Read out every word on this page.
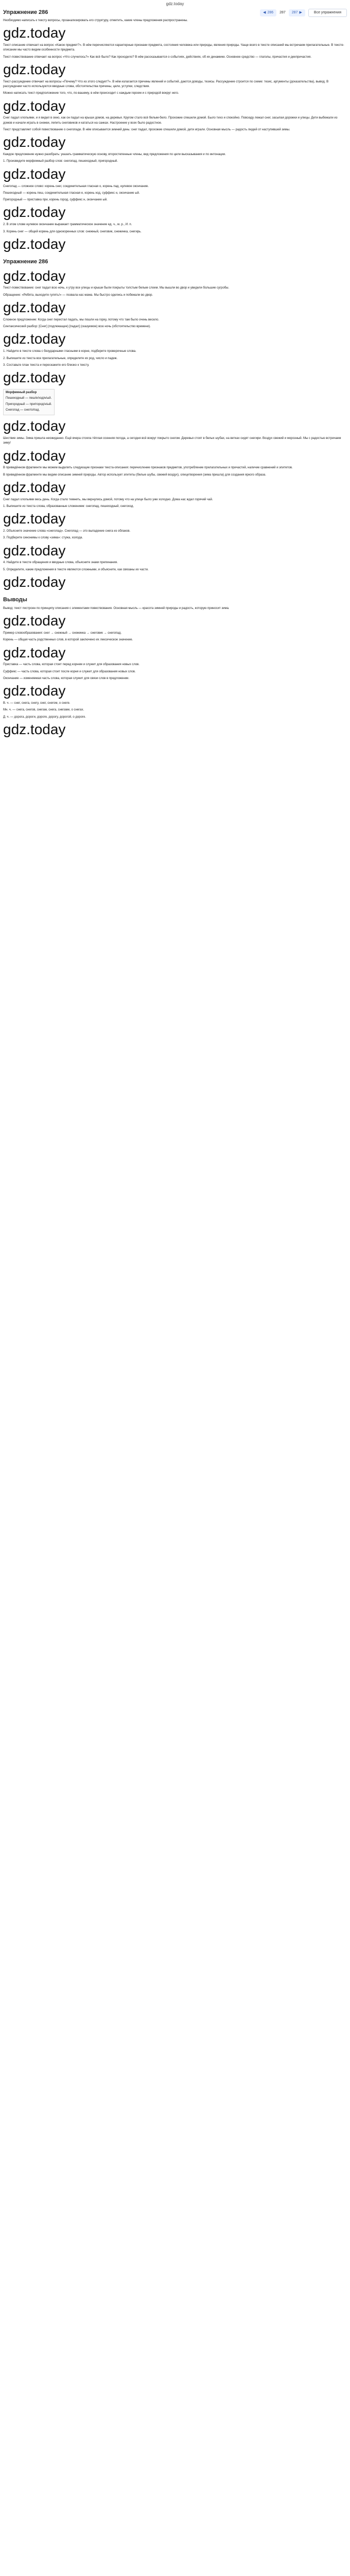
gdz.today
Упражнение 286	◀ 286 287 287 ▶	Все упражнения

Необходимо написать к тексту вопросы, проанализировать его структуру, отметить, какие члены предложения распространены.

gdz.today

Текст-описание отвечает на вопрос «Какое предмет?». В нём перечисляются характерные признаки предмета, состояния человека или природы, явления природы. Чаще всего в тексте описаний мы встречаем прилагательные. В тексте-описании мы часто видим особенности предмета.

Текст-повествование отвечает на вопрос «Что случилось?» Как всё было? Как проходило? В нём рассказывается о событиях, действиях, об их динамике. Основное средство — глаголы, причастия и деепричастия.

gdz.today

Текст-рассуждение отвечает на вопросы «Почему? Что из этого следует?». В нём излагается причины явлений и событий, даются доводы, тезисы. Рассуждение строится по схеме: тезис, аргументы (доказательства), вывод. В рассуждении часто используются вводные слова, обстоятельства причины, цели, уступки, следствия.

Можно написать текст-предположение того, что, по-вашему, в нём происходит с каждым героем и с природой вокруг него.

gdz.today

Снег падал хлопьями, и я видел в окно, как он падал на крыши домов, на деревья. Кругом стало всё белым-бело. Прохожие спешили домой. Было тихо и спокойно. Повсюду лежал снег, засыпая дорожки и улицы. Дети выбежали из домов и начали играть в снежки, лепить снеговиков и кататься на санках. Настроение у всех было радостное.

Текст представляет собой повествование о снегопаде. В нём описывается зимний день: снег падал, прохожие спешили домой, дети играли. Основная мысль — радость людей от наступившей зимы.

gdz.today

Каждое предложение нужно разобрать: указать грамматическую основу, второстепенные члены, вид предложения по цели высказывания и по интонации.

1. Произведите морфемный разбор слов: снегопад, пешеходный, пригородный.

gdz.today

Снегопад — сложное слово: корень снег, соединительная гласная о, корень пад, нулевое окончание.

Пешеходный — корень пеш, соединительная гласная е, корень ход, суффикс н, окончание ый.

Пригородный — приставка при, корень город, суффикс н, окончание ый.

gdz.today

2. В этом слове нулевое окончание выражает грамматическое значение ед. ч., м. р., И. п.

3. Корень снег — общий корень для однокоренных слов: снежный, снеговик, снежинка, снегирь.

gdz.today

Упражнение 286

gdz.today

Текст-повествование: снег падал всю ночь, к утру все улицы и крыши были покрыты толстым белым слоем. Мы вышли во двор и увидели большие сугробы.

Обращение: «Ребята, выходите гулять!» — позвала нас мама. Мы быстро оделись и побежали во двор.

gdz.today

Сложное предложение: Когда снег перестал падать, мы пошли на горку, потому что там было очень весело.

Синтаксический разбор: [Снег] (подлежащее) [падал] (сказуемое) всю ночь (обстоятельство времени).

gdz.today

1. Найдите в тексте слова с безударными гласными в корне, подберите проверочные слова.

2. Выпишите из текста все прилагательные, определите их род, число и падеж.

3. Составьте план текста и перескажите его близко к тексту.

gdz.today

Морфемный разбор
Пешеходный — пеш/е/ход/н/ый.
Пригородный — при/город/н/ый.
Снегопад — снег/о/пад.

gdz.today

Шествие зимы. Зима пришла неожиданно. Ещё вчера стояла тёплая осенняя погода, а сегодня всё вокруг покрыто снегом. Деревья стоят в белых шубах, на ветках сидят снегири. Воздух свежий и морозный. Мы с радостью встречаем зиму!

gdz.today

В приведённом фрагменте мы можем выделить следующие признаки текста-описания: перечисление признаков предметов, употребление прилагательных и причастий, наличие сравнений и эпитетов.

В приведённом фрагменте мы видим описание зимней природы. Автор использует эпитеты (белые шубы, свежий воздух), олицетворения (зима пришла) для создания яркого образа.

gdz.today

Снег падал хлопьями весь день. Когда стало темнеть, мы вернулись домой, потому что на улице было уже холодно. Дома нас ждал горячий чай.

1. Выпишите из текста слова, образованные сложением: снегопад, пешеходный, снегоход.

gdz.today

2. Объясните значение слова «снегопад». Снегопад — это выпадение снега из облаков.

3. Подберите синонимы к слову «зима»: стужа, холода.

gdz.today

4. Найдите в тексте обращения и вводные слова, объясните знаки препинания.

5. Определите, какие предложения в тексте являются сложными, и объясните, как связаны их части.

gdz.today

Выводы

Вывод: текст построен по принципу описания с элементами повествования. Основная мысль — красота зимней природы и радость, которую приносит зима.

gdz.today

Пример словообразования: снег → снежный → снежинка → снеговик → снегопад.

Корень — общая часть родственных слов, в которой заключено их лексическое значение.

gdz.today

Приставка — часть слова, которая стоит перед корнем и служит для образования новых слов.

Суффикс — часть слова, которая стоит после корня и служит для образования новых слов.

Окончание — изменяемая часть слова, которая служит для связи слов в предложении.

gdz.today

В. ч. — снег, снега, снегу, снег, снегом, о снеге.

Мн. ч. — снега, снегов, снегам, снега, снегами, о снегах.

Д. ч. — дорога, дороги, дороге, дорогу, дорогой, о дороге.

gdz.today
